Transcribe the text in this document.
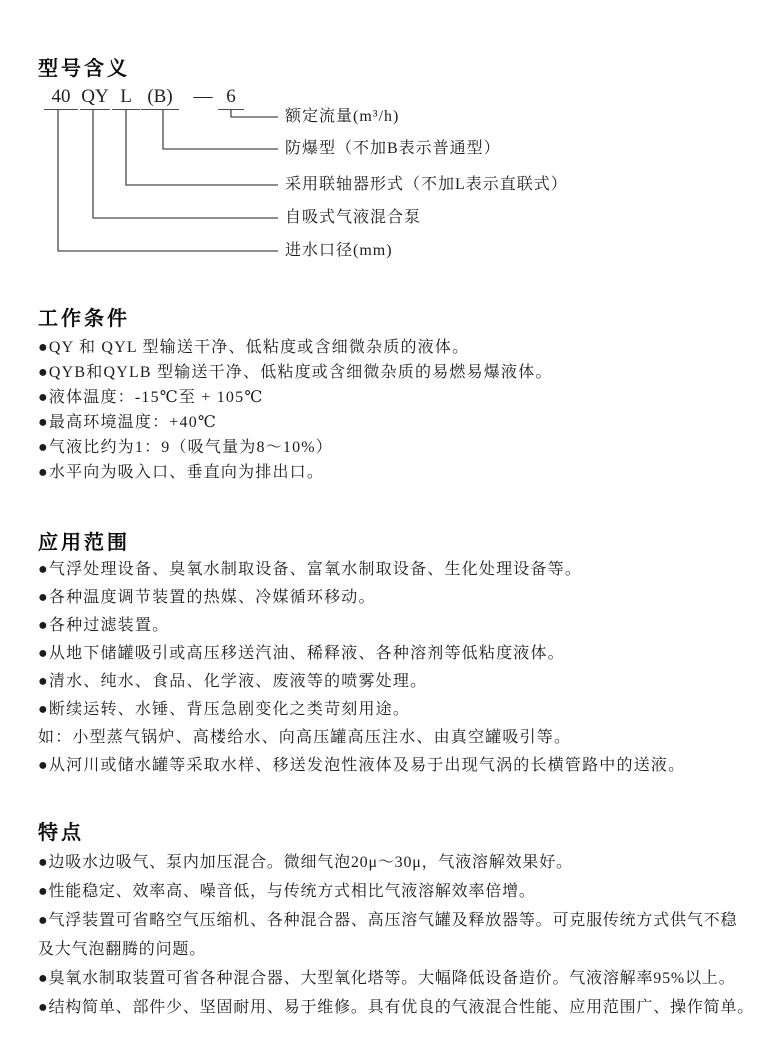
型号含义
40 QY L (B)	— 6
额定流量(m³/h)
防爆型（不加B表示普通型）
采用联轴器形式（不加L表示直联式）
自吸式气液混合泵
进水口径(mm)
工作条件
●QY 和 QYL 型输送干净、低粘度或含细微杂质的液体。
●QYB和QYLB 型输送干净、低粘度或含细微杂质的易燃易爆液体。
●液体温度：-15℃至 + 105℃
●最高环境温度：+40℃
●气液比约为1：9（吸气量为8～10%）
●水平向为吸入口、垂直向为排出口。
应用范围
●气浮处理设备、臭氧水制取设备、富氧水制取设备、生化处理设备等。
●各种温度调节装置的热媒、冷媒循环移动。
●各种过滤装置。
●从地下储罐吸引或高压移送汽油、稀释液、各种溶剂等低粘度液体。
●清水、纯水、食品、化学液、废液等的喷雾处理。
●断续运转、水锤、背压急剧变化之类苛刻用途。
如：小型蒸气锅炉、高楼给水、向高压罐高压注水、由真空罐吸引等。
●从河川或储水罐等采取水样、移送发泡性液体及易于出现气涡的长横管路中的送液。
特点
●边吸水边吸气、泵内加压混合。微细气泡20μ～30μ，气液溶解效果好。
●性能稳定、效率高、噪音低，与传统方式相比气液溶解效率倍增。
●气浮装置可省略空气压缩机、各种混合器、高压溶气罐及释放器等。可克服传统方式供气不稳
及大气泡翻腾的问题。
●臭氧水制取装置可省各种混合器、大型氧化塔等。大幅降低设备造价。气液溶解率95%以上。
●结构简单、部件少、坚固耐用、易于维修。具有优良的气液混合性能、应用范围广、操作简单。
